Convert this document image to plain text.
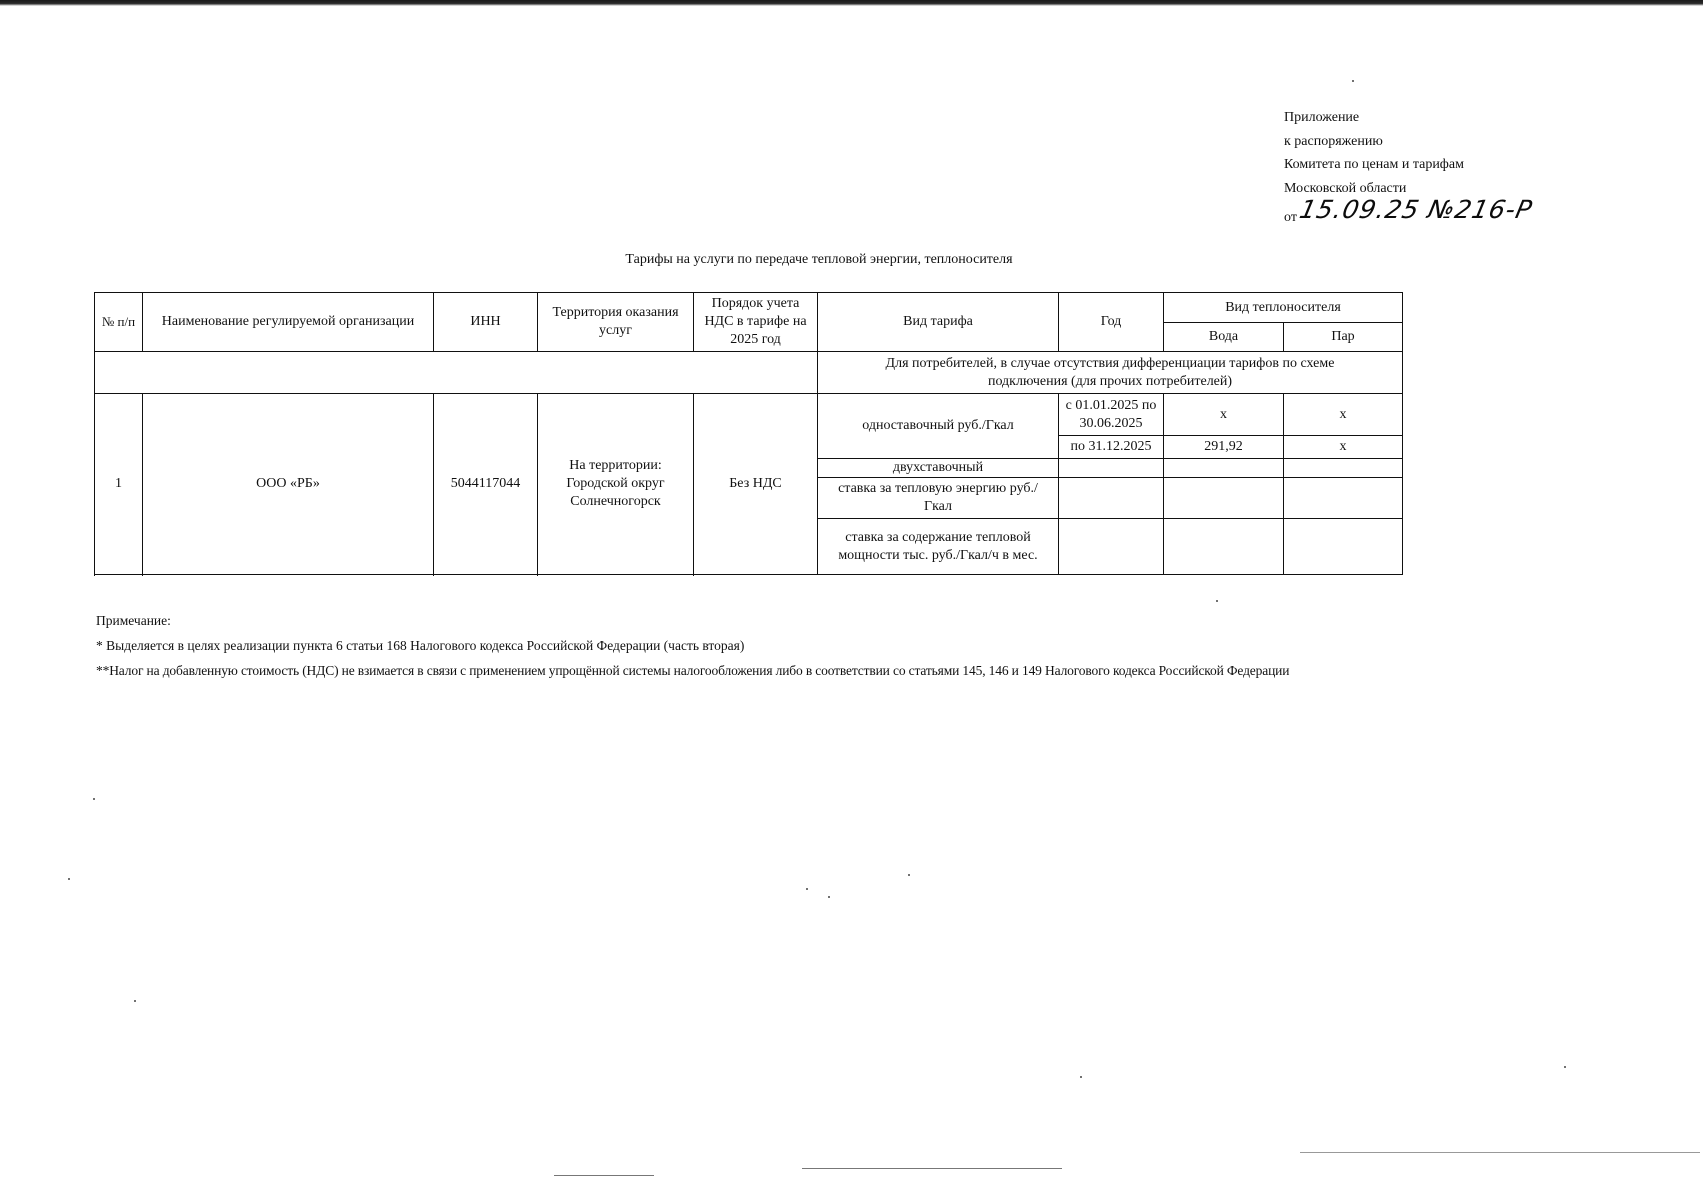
Приложение
к распоряжению
Комитета по ценам и тарифам
Московской области
от 15.09.25 №216-Р
Тарифы на услуги по передаче тепловой энергии, теплоносителя
№ п/п	Наименование регулируемой организации	ИНН	Территория оказания услуг	Порядок учета НДС в тарифе на 2025 год	Вид тарифа	Год	Вид теплоносителя	
							Вода	Пар
					Для потребителей, в случае отсутствия дифференциации тарифов по схеме подключения (для прочих потребителей)			
1	ООО «РБ»	5044117044	На территории: Городской округ Солнечногорск	Без НДС	одноставочный руб./Гкал	с 01.01.2025 по 30.06.2025	x	x
						по 31.12.2025	291,92	x
					двухставочный			
					ставка за тепловую энергию руб./Гкал			
					ставка за содержание тепловой мощности тыс. руб./Гкал/ч в мес.			

Примечание:
* Выделяется в целях реализации пункта 6 статьи 168 Налогового кодекса Российской Федерации (часть вторая)
**Налог на добавленную стоимость (НДС) не взимается в связи с применением упрощённой системы налогообложения либо в соответствии со статьями 145, 146 и 149 Налогового кодекса Российской Федерации
